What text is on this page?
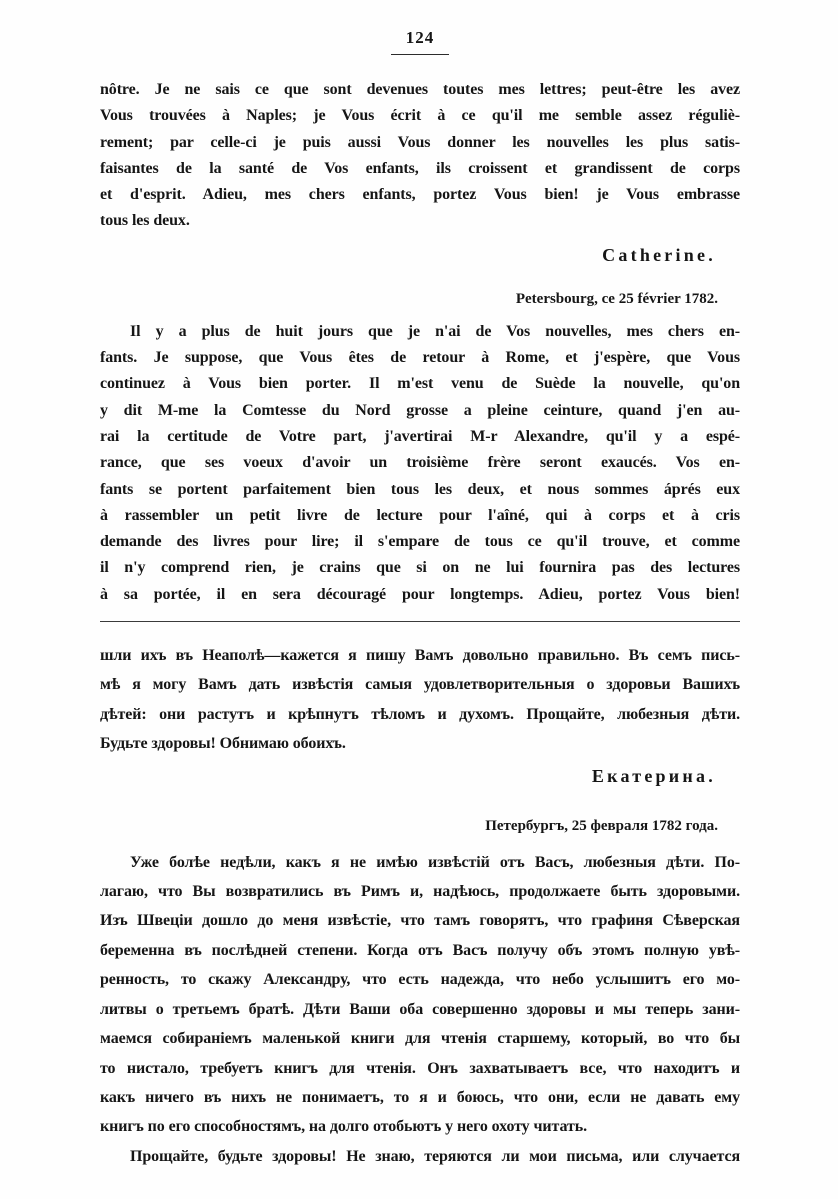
124
nôtre. Je ne sais ce que sont devenues toutes mes lettres; peut-être les avez
Vous trouvées à Naples; je Vous écrit à ce qu'il me semble assez réguliè-
rement; par celle-ci je puis aussi Vous donner les nouvelles les plus satis-
faisantes de la santé de Vos enfants, ils croissent et grandissent de corps
et d'esprit. Adieu, mes chers enfants, portez Vous bien! je Vous embrasse
tous les deux.
Catherine.
Petersbourg, ce 25 février 1782.
Il y a plus de huit jours que je n'ai de Vos nouvelles, mes chers en-
fants. Je suppose, que Vous êtes de retour à Rome, et j'espère, que Vous
continuez à Vous bien porter. Il m'est venu de Suède la nouvelle, qu'on
y dit M-me la Comtesse du Nord grosse a pleine ceinture, quand j'en au-
rai la certitude de Votre part, j'avertirai M-r Alexandre, qu'il y a espé-
rance, que ses voeux d'avoir un troisième frère seront exaucés. Vos en-
fants se portent parfaitement bien tous les deux, et nous sommes áprés eux
à rassembler un petit livre de lecture pour l'aîné, qui à corps et à cris
demande des livres pour lire; il s'empare de tous ce qu'il trouve, et comme
il n'y comprend rien, je crains que si on ne lui fournira pas des lectures
à sa portée, il en sera découragé pour longtemps. Adieu, portez Vous bien!
шли ихъ въ Неаполѣ—кажется я пишу Вамъ довольно правильно. Въ семъ пись-
мѣ я могу Вамъ дать извѣстія самыя удовлетворительныя о здоровьи Вашихъ
дѣтей: они растутъ и крѣпнутъ тѣломъ и духомъ. Прощайте, любезныя дѣти.
Будьте здоровы! Обнимаю обоихъ.
Екатерина.
Петербургъ, 25 февраля 1782 года.
Уже болѣе недѣли, какъ я не имѣю извѣстій отъ Васъ, любезныя дѣти. По-
лагаю, что Вы возвратились въ Римъ и, надѣюсь, продолжаете быть здоровыми.
Изъ Швеціи дошло до меня извѣстіе, что тамъ говорятъ, что графиня Сѣверская
беременна въ послѣдней степени. Когда отъ Васъ получу объ этомъ полную увѣ-
ренность, то скажу Александру, что есть надежда, что небо услышитъ его мо-
литвы о третьемъ братѣ. Дѣти Ваши оба совершенно здоровы и мы теперь зани-
маемся собираніемъ маленькой книги для чтенія старшему, который, во что бы
то нистало, требуетъ книгъ для чтенія. Онъ захватываетъ все, что находитъ и
какъ ничего въ нихъ не понимаетъ, то я и боюсь, что они, если не давать ему
книгъ по его способностямъ, на долго отобьютъ у него охоту читать.
Прощайте, будьте здоровы! Не знаю, теряются ли мои письма, или случается
